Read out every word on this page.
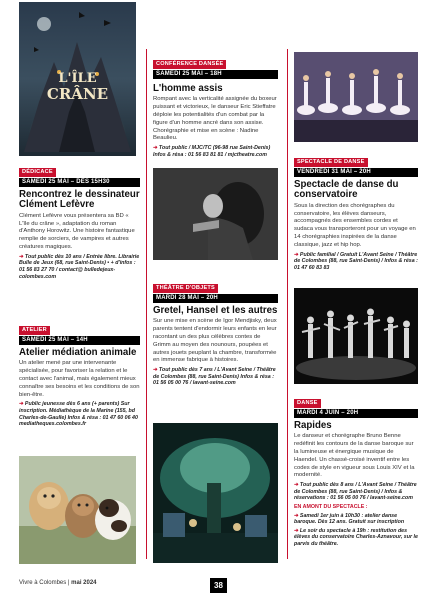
L'ÎLE
CRÂNE
DÉDICACE
SAMEDI 25 MAI – DÈS 15H30
Rencontrez le dessinateur Clément Lefèvre
Clément Lefèvre vous présentera sa BD « L'île du crâne », adaptation du roman d'Anthony Horowitz. Une histoire fantastique remplie de sorciers, de vampires et autres créatures magiques.
➜ Tout public dès 10 ans / Entrée libre. Librairie Bulle de Jeux (68, rue Saint-Denis) • + d'infos : 01 56 83 27 70 / contact@ bulledejeux-colombes.com
ATELIER
SAMEDI 25 MAI – 14H
Atelier médiation animale
Un atelier mené par une intervenante spécialisée, pour favoriser la relation et le contact avec l'animal, mais également mieux connaître ses besoins et les conditions de son bien-être.
➜ Public jeunesse dès 6 ans (+ parents) Sur inscription. Médiathèque de la Marine (155, bd Charles-de-Gaulle) Infos & résa : 01 47 60 06 40 mediatheques.colombes.fr
CONFÉRENCE DANSÉE
SAMEDI 25 MAI – 18H
L'homme assis
Rompant avec la verticalité assignée du boxeur puissant et victorieux, le danseur Eric Stieffatre déploie les potentialités d'un combat par la figure d'un homme ancré dans son assise. Chorégraphie et mise en scène : Nadine Beaulieu.
➜ Tout public / MJC/TC (96-98 rue Saint-Denis) Infos & résa : 01 56 83 81 81 / mjctheatre.com
THÉÂTRE D'OBJETS
MARDI 28 MAI – 20H
Gretel, Hansel et les autres
Sur une mise en scène de Igor Mendjisky, deux parents tentent d'endormir leurs enfants en leur racontant un des plus célèbres contes de Grimm au moyen des nounours, poupées et autres jouets peuplant la chambre, transformée en immense fabrique à histoires.
➜ Tout public dès 7 ans / L'Avant Seine / Théâtre de Colombes (88, rue Saint-Denis) Infos & résa : 01 56 05 00 76 / lavant-seine.com
SPECTACLE DE DANSE
VENDREDI 31 MAI – 20H
Spectacle de danse du conservatoire
Sous la direction des chorégraphes du conservatoire, les élèves danseurs, accompagnés des ensembles cordes et sudaca vous transporteront pour un voyage en 14 chorégraphies inspirées de la danse classique, jazz et hip hop.
➜ Public familial / Gratuit L'Avant Seine / Théâtre de Colombes (88, rue Saint-Denis) / Infos & résa : 01 47 60 83 83
DANSE
MARDI 4 JUIN – 20H
Rapides
Le danseur et chorégraphe Bruno Benne redéfinit les contours de la danse baroque sur la lumineuse et énergique musique de Haendel. Un chassé-croisé inventif entre les codes de style en vigueur sous Louis XIV et la modernité.
➜ Tout public dès 8 ans / L'Avant Seine / Théâtre de Colombes (88, rue Saint-Denis) / Infos & réservations : 01 56 05 00 76 / lavant-seine.com
EN AMONT DU SPECTACLE :
➜ Samedi 1er juin à 10h30 : atelier danse baroque. Dès 12 ans. Gratuit sur inscription
➜ Le soir du spectacle à 19h : restitution des élèves du conservatoire Charles-Aznavour, sur le parvis du théâtre.
Vivre à Colombes | mai 2024	38
